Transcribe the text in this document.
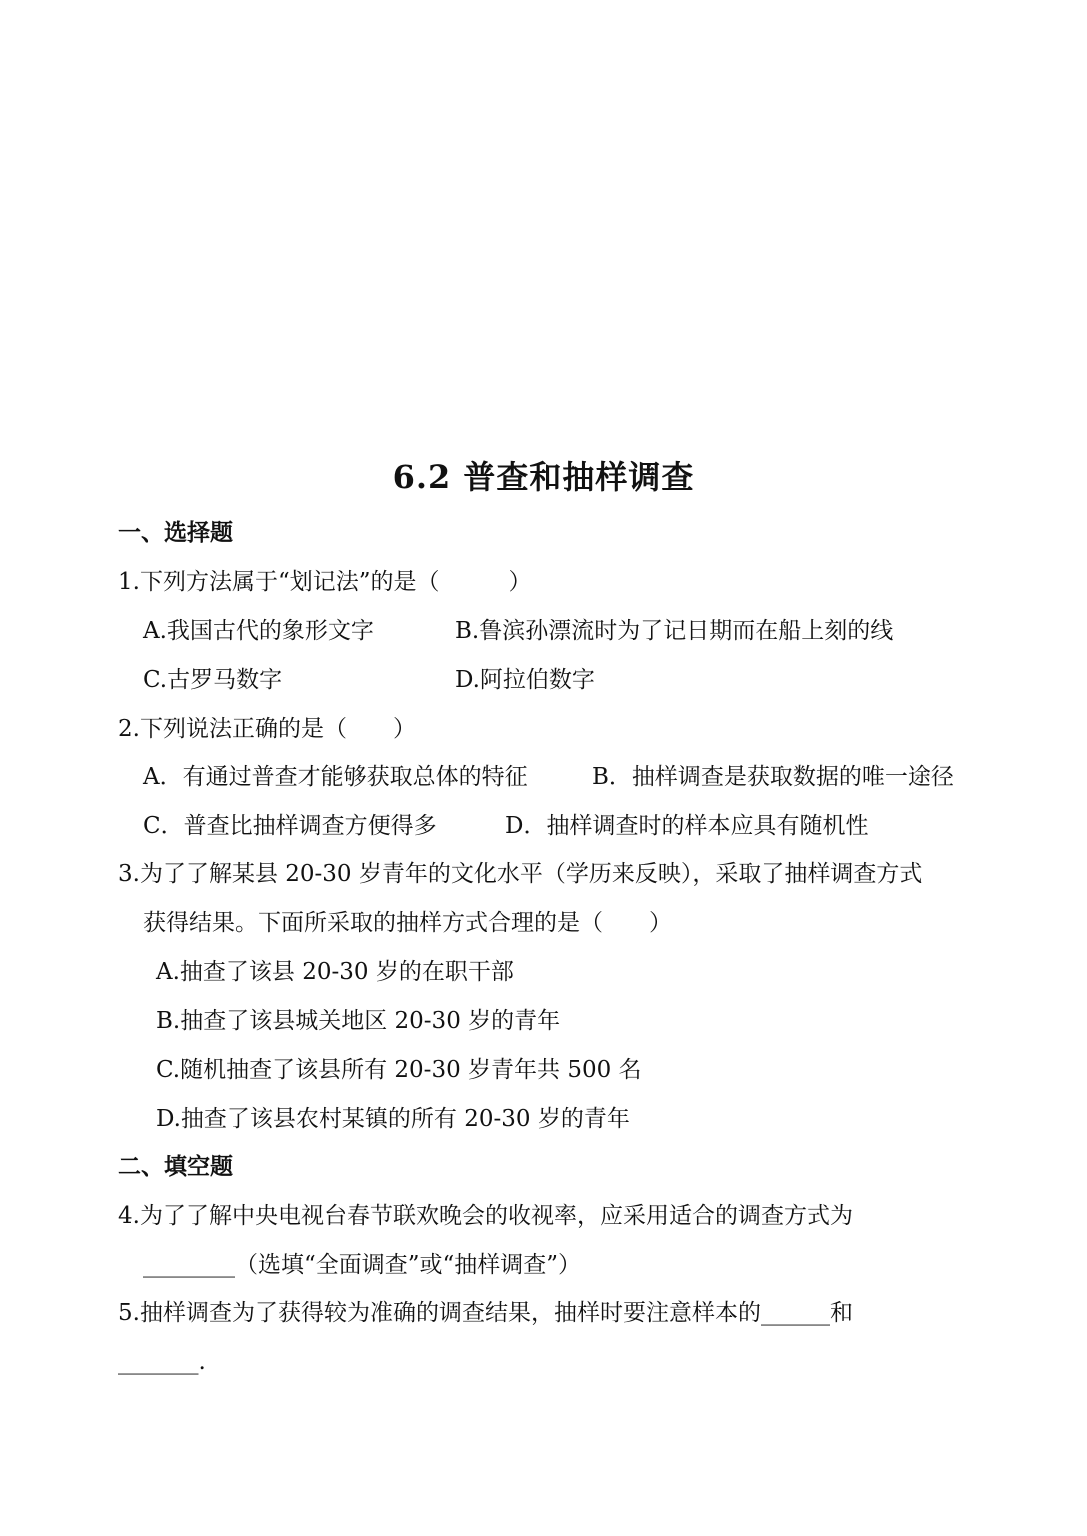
6.2 普查和抽样调查
一、选择题
1.下列方法属于“划记法”的是（　　　）
A.我国古代的象形文字	B.鲁滨孙漂流时为了记日期而在船上刻的线
C.古罗马数字	D.阿拉伯数字
2.下列说法正确的是（　　）
A．有通过普查才能够获取总体的特征	B．抽样调查是获取数据的唯一途径
C．普查比抽样调查方便得多	D．抽样调查时的样本应具有随机性
3.为了了解某县 20-30 岁青年的文化水平（学历来反映），采取了抽样调查方式
获得结果。下面所采取的抽样方式合理的是（　　）
A.抽查了该县 20-30 岁的在职干部
B.抽查了该县城关地区 20-30 岁的青年
C.随机抽查了该县所有 20-30 岁青年共 500 名
D.抽查了该县农村某镇的所有 20-30 岁的青年
二、填空题
4.为了了解中央电视台春节联欢晚会的收视率，应采用适合的调查方式为
________（选填“全面调查”或“抽样调查”）
5.抽样调查为了获得较为准确的调查结果，抽样时要注意样本的______和
_______.
